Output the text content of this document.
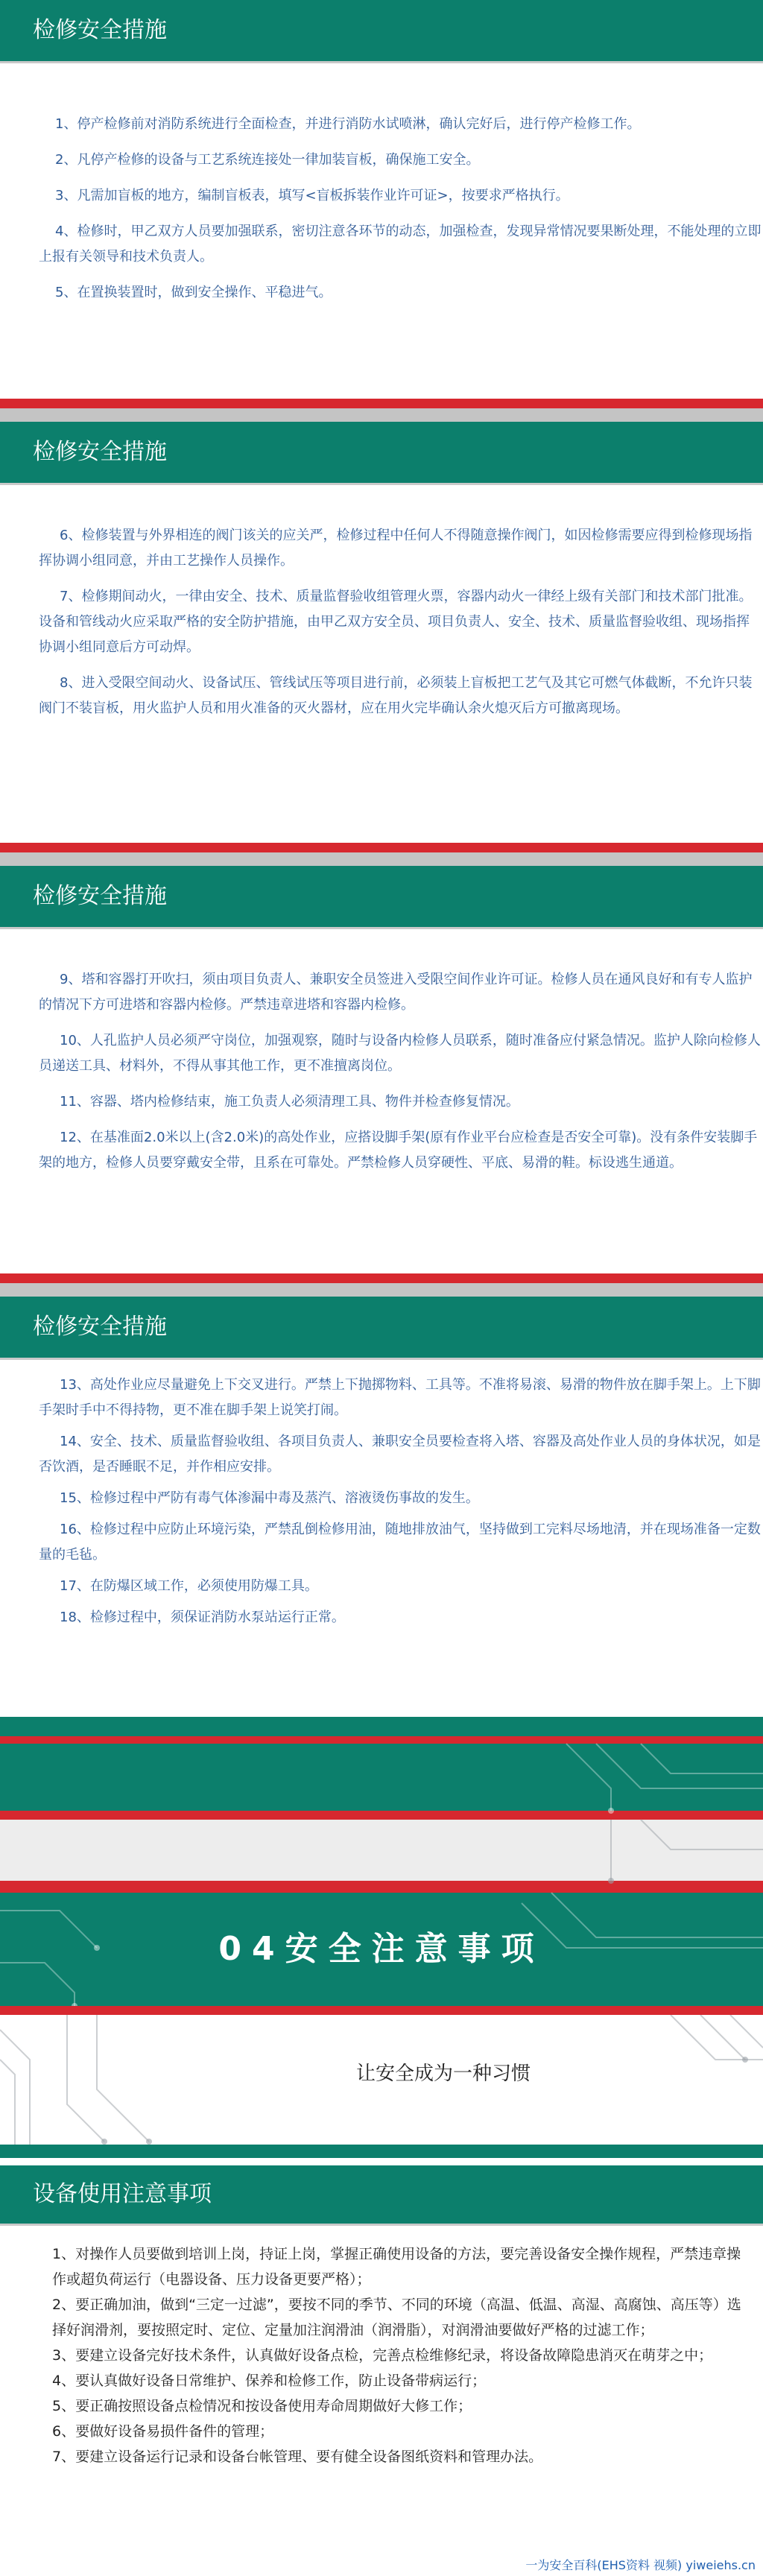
检修安全措施

1、停产检修前对消防系统进行全面检查，并进行消防水试喷淋，确认完好后，进行停产检修工作。

2、凡停产检修的设备与工艺系统连接处一律加装盲板，确保施工安全。

3、凡需加盲板的地方，编制盲板表，填写<盲板拆装作业许可证>，按要求严格执行。

4、检修时，甲乙双方人员要加强联系，密切注意各环节的动态，加强检查，发现异常情况要果断处理，不能处理的立即上报有关领导和技术负责人。

5、在置换装置时，做到安全操作、平稳进气。

检修安全措施

6、检修装置与外界相连的阀门该关的应关严，检修过程中任何人不得随意操作阀门，如因检修需要应得到检修现场指挥协调小组同意，并由工艺操作人员操作。

7、检修期间动火，一律由安全、技术、质量监督验收组管理火票，容器内动火一律经上级有关部门和技术部门批准。设备和管线动火应采取严格的安全防护措施，由甲乙双方安全员、项目负责人、安全、技术、质量监督验收组、现场指挥协调小组同意后方可动焊。

8、进入受限空间动火、设备试压、管线试压等项目进行前，必须装上盲板把工艺气及其它可燃气体截断，不允许只装阀门不装盲板，用火监护人员和用火准备的灭火器材，应在用火完毕确认余火熄灭后方可撤离现场。

检修安全措施

9、塔和容器打开吹扫，须由项目负责人、兼职安全员签进入受限空间作业许可证。检修人员在通风良好和有专人监护的情况下方可进塔和容器内检修。严禁违章进塔和容器内检修。

10、人孔监护人员必须严守岗位，加强观察，随时与设备内检修人员联系，随时准备应付紧急情况。监护人除向检修人员递送工具、材料外，不得从事其他工作，更不准擅离岗位。

11、容器、塔内检修结束，施工负责人必须清理工具、物件并检查修复情况。

12、在基准面2.0米以上(含2.0米)的高处作业，应搭设脚手架(原有作业平台应检查是否安全可靠)。没有条件安装脚手架的地方，检修人员要穿戴安全带，且系在可靠处。严禁检修人员穿硬性、平底、易滑的鞋。标设逃生通道。

检修安全措施

13、高处作业应尽量避免上下交叉进行。严禁上下抛掷物料、工具等。不准将易滚、易滑的物件放在脚手架上。上下脚手架时手中不得持物，更不准在脚手架上说笑打闹。

14、安全、技术、质量监督验收组、各项目负责人、兼职安全员要检查将入塔、容器及高处作业人员的身体状况，如是否饮酒，是否睡眠不足，并作相应安排。

15、检修过程中严防有毒气体渗漏中毒及蒸汽、溶液烫伤事故的发生。

16、检修过程中应防止环境污染，严禁乱倒检修用油，随地排放油气，坚持做到工完料尽场地清，并在现场准备一定数量的毛毡。

17、在防爆区域工作，必须使用防爆工具。

18、检修过程中，须保证消防水泵站运行正常。

04安全注意事项
让安全成为一种习惯
设备使用注意事项

1、对操作人员要做到培训上岗，持证上岗，掌握正确使用设备的方法，要完善设备安全操作规程，严禁违章操作或超负荷运行（电器设备、压力设备更要严格）；

2、要正确加油，做到“三定一过滤”，要按不同的季节、不同的环境（高温、低温、高湿、高腐蚀、高压等）选择好润滑剂，要按照定时、定位、定量加注润滑油（润滑脂），对润滑油要做好严格的过滤工作；

3、要建立设备完好技术条件，认真做好设备点检，完善点检维修纪录，将设备故障隐患消灭在萌芽之中；

4、要认真做好设备日常维护、保养和检修工作，防止设备带病运行；

5、要正确按照设备点检情况和按设备使用寿命周期做好大修工作；

6、要做好设备易损件备件的管理；

7、要建立设备运行记录和设备台帐管理、要有健全设备图纸资料和管理办法。

一为安全百科(EHS资料 视频) yiweiehs.cn
